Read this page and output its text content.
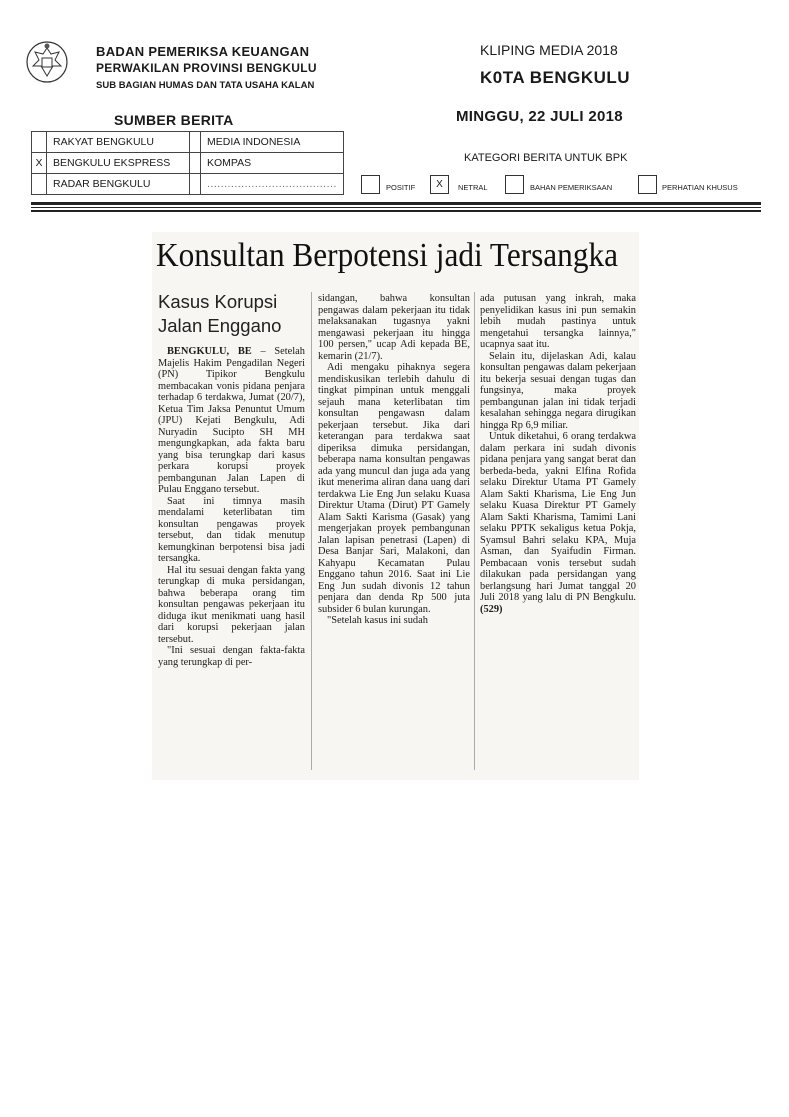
BADAN PEMERIKSA KEUANGAN
PERWAKILAN PROVINSI BENGKULU
SUB BAGIAN HUMAS DAN TATA USAHA KALAN
KLIPING MEDIA 2018
K0TA BENGKULU
MINGGU, 22 JULI 2018
SUMBER BERITA
	RAKYAT BENGKULU		MEDIA INDONESIA
X	BENGKULU EKSPRESS		KOMPAS
	RADAR BENGKULU		......................................
KATEGORI BERITA UNTUK BPK
POSITIF	X	NETRAL	BAHAN PEMERIKSAAN	PERHATIAN KHUSUS
Konsultan Berpotensi jadi Tersangka
Kasus Korupsi Jalan Enggano

BENGKULU, BE – Setelah Majelis Hakim Pengadilan Negeri (PN) Tipikor Bengkulu membacakan vonis pidana penjara terhadap 6 terdakwa, Jumat (20/7), Ketua Tim Jaksa Penuntut Umum (JPU) Kejati Bengkulu, Adi Nuryadin Sucipto SH MH mengungkapkan, ada fakta baru yang bisa terungkap dari kasus perkara korupsi proyek pembangunan Jalan Lapen di Pulau Enggano tersebut.

Saat ini timnya masih mendalami keterlibatan tim konsultan pengawas proyek tersebut, dan tidak menutup kemungkinan berpotensi bisa jadi tersangka.

Hal itu sesuai dengan fakta yang terungkap di muka persidangan, bahwa beberapa orang tim konsultan pengawas pekerjaan itu diduga ikut menikmati uang hasil dari korupsi pekerjaan jalan tersebut.

"Ini sesuai dengan fakta-fakta yang terungkap di per-

sidangan, bahwa konsultan pengawas dalam pekerjaan itu tidak melaksanakan tugasnya yakni mengawasi pekerjaan itu hingga 100 persen," ucap Adi kepada BE, kemarin (21/7).

Adi mengaku pihaknya segera mendiskusikan terlebih dahulu di tingkat pimpinan untuk menggali sejauh mana keterlibatan tim konsultan pengawasn dalam pekerjaan tersebut. Jika dari keterangan para terdakwa saat diperiksa dimuka persidangan, beberapa nama konsultan pengawas ada yang muncul dan juga ada yang ikut menerima aliran dana uang dari terdakwa Lie Eng Jun selaku Kuasa Direktur Utama (Dirut) PT Gamely Alam Sakti Karisma (Gasak) yang mengerjakan proyek pembangunan Jalan lapisan penetrasi (Lapen) di Desa Banjar Sari, Malakoni, dan Kahyapu Kecamatan Pulau Enggano tahun 2016. Saat ini Lie Eng Jun sudah divonis 12 tahun penjara dan denda Rp 500 juta subsider 6 bulan kurungan.

"Setelah kasus ini sudah

ada putusan yang inkrah, maka penyelidikan kasus ini pun semakin lebih mudah pastinya untuk mengetahui tersangka lainnya," ucapnya saat itu.

Selain itu, dijelaskan Adi, kalau konsultan pengawas dalam pekerjaan itu bekerja sesuai dengan tugas dan fungsinya, maka proyek pembangunan jalan ini tidak terjadi kesalahan sehingga negara dirugikan hingga Rp 6,9 miliar.

Untuk diketahui, 6 orang terdakwa dalam perkara ini sudah divonis pidana penjara yang sangat berat dan berbeda-beda, yakni Elfina Rofida selaku Direktur Utama PT Gamely Alam Sakti Kharisma, Lie Eng Jun selaku Kuasa Direktur PT Gamely Alam Sakti Kharisma, Tamimi Lani selaku PPTK sekaligus ketua Pokja, Syamsul Bahri selaku KPA, Muja Asman, dan Syaifudin Firman. Pembacaan vonis tersebut sudah dilakukan pada persidangan yang berlangsung hari Jumat tanggal 20 Juli 2018 yang lalu di PN Bengkulu. (529)
